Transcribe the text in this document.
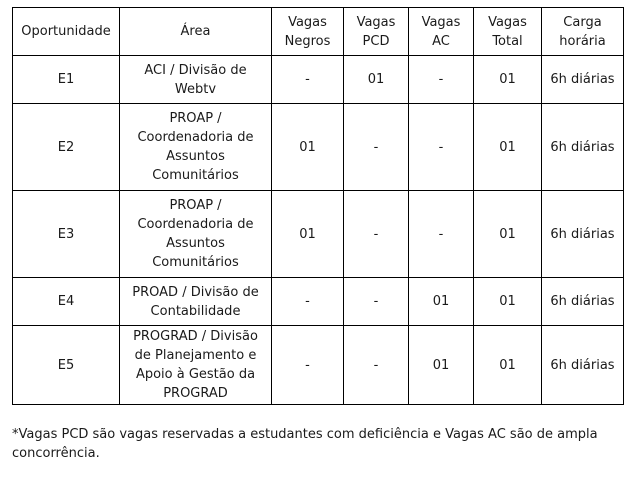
Oportunidade	Área	Vagas Negros	Vagas PCD	Vagas AC	Vagas Total	Carga horária
E1	ACI / Divisão de Webtv	-	01	-	01	6h diárias
E2	PROAP / Coordenadoria de Assuntos Comunitários	01	-	-	01	6h diárias
E3	PROAP / Coordenadoria de Assuntos Comunitários	01	-	-	01	6h diárias
E4	PROAD / Divisão de Contabilidade	-	-	01	01	6h diárias
E5	PROGRAD / Divisão de Planejamento e Apoio à Gestão da PROGRAD	-	-	01	01	6h diárias

*Vagas PCD são vagas reservadas a estudantes com deficiência e Vagas AC são de ampla concorrência.
